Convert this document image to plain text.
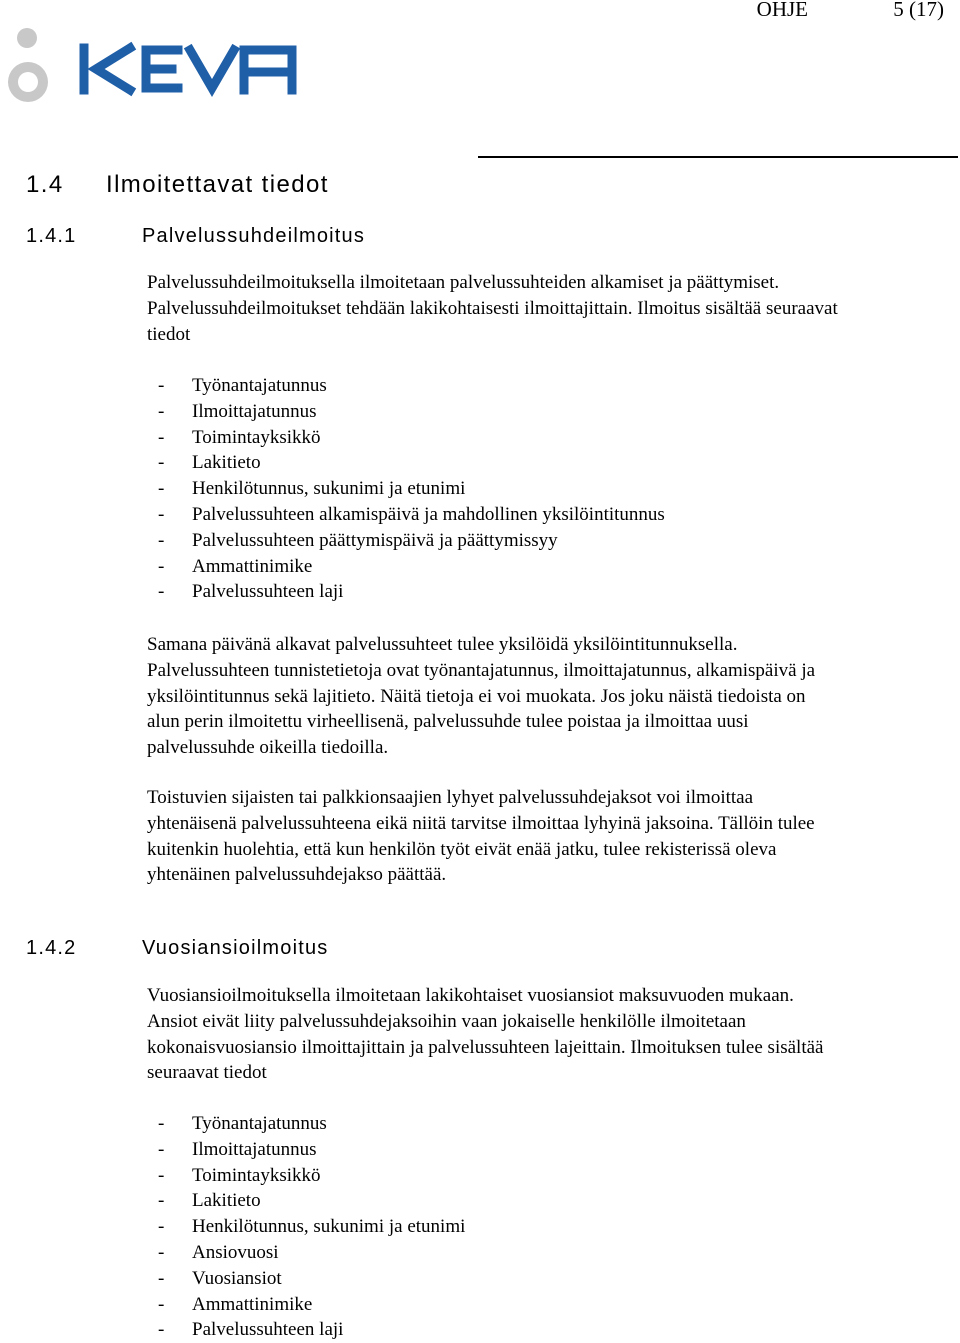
OHJE	5 (17)
1.4 Ilmoitettavat tiedot
1.4.1	Palvelussuhdeilmoitus

Palvelussuhdeilmoituksella ilmoitetaan palvelussuhteiden alkamiset ja päättymiset.

Palvelussuhdeilmoitukset tehdään lakikohtaisesti ilmoittajittain. Ilmoitus sisältää seuraavat

tiedot

- Työnantajatunnus
- Ilmoittajatunnus
- Toimintayksikkö
- Lakitieto
- Henkilötunnus, sukunimi ja etunimi
- Palvelussuhteen alkamispäivä ja mahdollinen yksilöintitunnus
- Palvelussuhteen päättymispäivä ja päättymissyy
- Ammattinimike
- Palvelussuhteen laji

Samana päivänä alkavat palvelussuhteet tulee yksilöidä yksilöintitunnuksella.

Palvelussuhteen tunnistetietoja ovat työnantajatunnus, ilmoittajatunnus, alkamispäivä ja

yksilöintitunnus sekä lajitieto. Näitä tietoja ei voi muokata. Jos joku näistä tiedoista on

alun perin ilmoitettu virheellisenä, palvelussuhde tulee poistaa ja ilmoittaa uusi

palvelussuhde oikeilla tiedoilla.

Toistuvien sijaisten tai palkkionsaajien lyhyet palvelussuhdejaksot voi ilmoittaa

yhtenäisenä palvelussuhteena eikä niitä tarvitse ilmoittaa lyhyinä jaksoina. Tällöin tulee

kuitenkin huolehtia, että kun henkilön työt eivät enää jatku, tulee rekisterissä oleva

yhtenäinen palvelussuhdejakso päättää.

1.4.2	Vuosiansioilmoitus

Vuosiansioilmoituksella ilmoitetaan lakikohtaiset vuosiansiot maksuvuoden mukaan.

Ansiot eivät liity palvelussuhdejaksoihin vaan jokaiselle henkilölle ilmoitetaan

kokonaisvuosiansio ilmoittajittain ja palvelussuhteen lajeittain. Ilmoituksen tulee sisältää

seuraavat tiedot

- Työnantajatunnus
- Ilmoittajatunnus
- Toimintayksikkö
- Lakitieto
- Henkilötunnus, sukunimi ja etunimi
- Ansiovuosi
- Vuosiansiot
- Ammattinimike
- Palvelussuhteen laji
